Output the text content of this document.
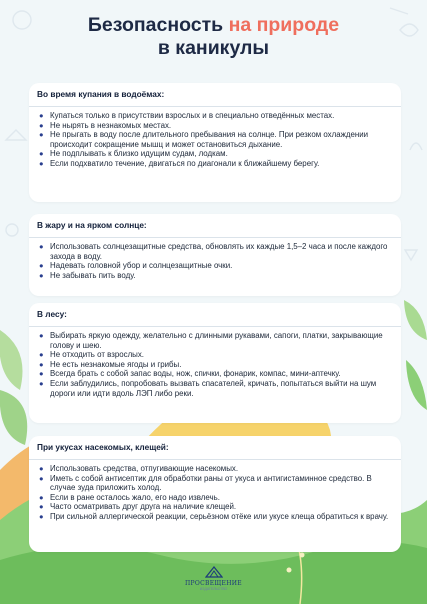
Безопасность на природе
в каникулы
Во время купания в водоёмах:
● Купаться только в присутствии взрослых и в специально отведённых местах.
● Не нырять в незнакомых местах.
● Не прыгать в воду после длительного пребывания на солнце. При резком охлаждении происходит сокращение мышц и может остановиться дыхание.
● Не подплывать к близко идущим судам, лодкам.
● Если подхватило течение, двигаться по диагонали к ближайшему берегу.
В жару и на ярком солнце:
● Использовать солнцезащитные средства, обновлять их каждые 1,5–2 часа и после каждого захода в воду.
● Надевать головной убор и солнцезащитные очки.
● Не забывать пить воду.
В лесу:
● Выбирать яркую одежду, желательно с длинными рукавами, сапоги, платки, закрывающие голову и шею.
● Не отходить от взрослых.
● Не есть незнакомые ягоды и грибы.
● Всегда брать с собой запас воды, нож, спички, фонарик, компас, мини-аптечку.
● Если заблудились, попробовать вызвать спасателей, кричать, попытаться выйти на шум дороги или идти вдоль ЛЭП либо реки.
При укусах насекомых, клещей:
● Использовать средства, отпугивающие насекомых.
● Иметь с собой антисептик для обработки раны от укуса и антигистаминное средство. В случае зуда приложить холод.
● Если в ране осталось жало, его надо извлечь.
● Часто осматривать друг друга на наличие клещей.
● При сильной аллергической реакции, серьёзном отёке или укусе клеща обратиться к врачу.
ПРОСВЕЩЕНИЕ
ИЗДАТЕЛЬСТВО
